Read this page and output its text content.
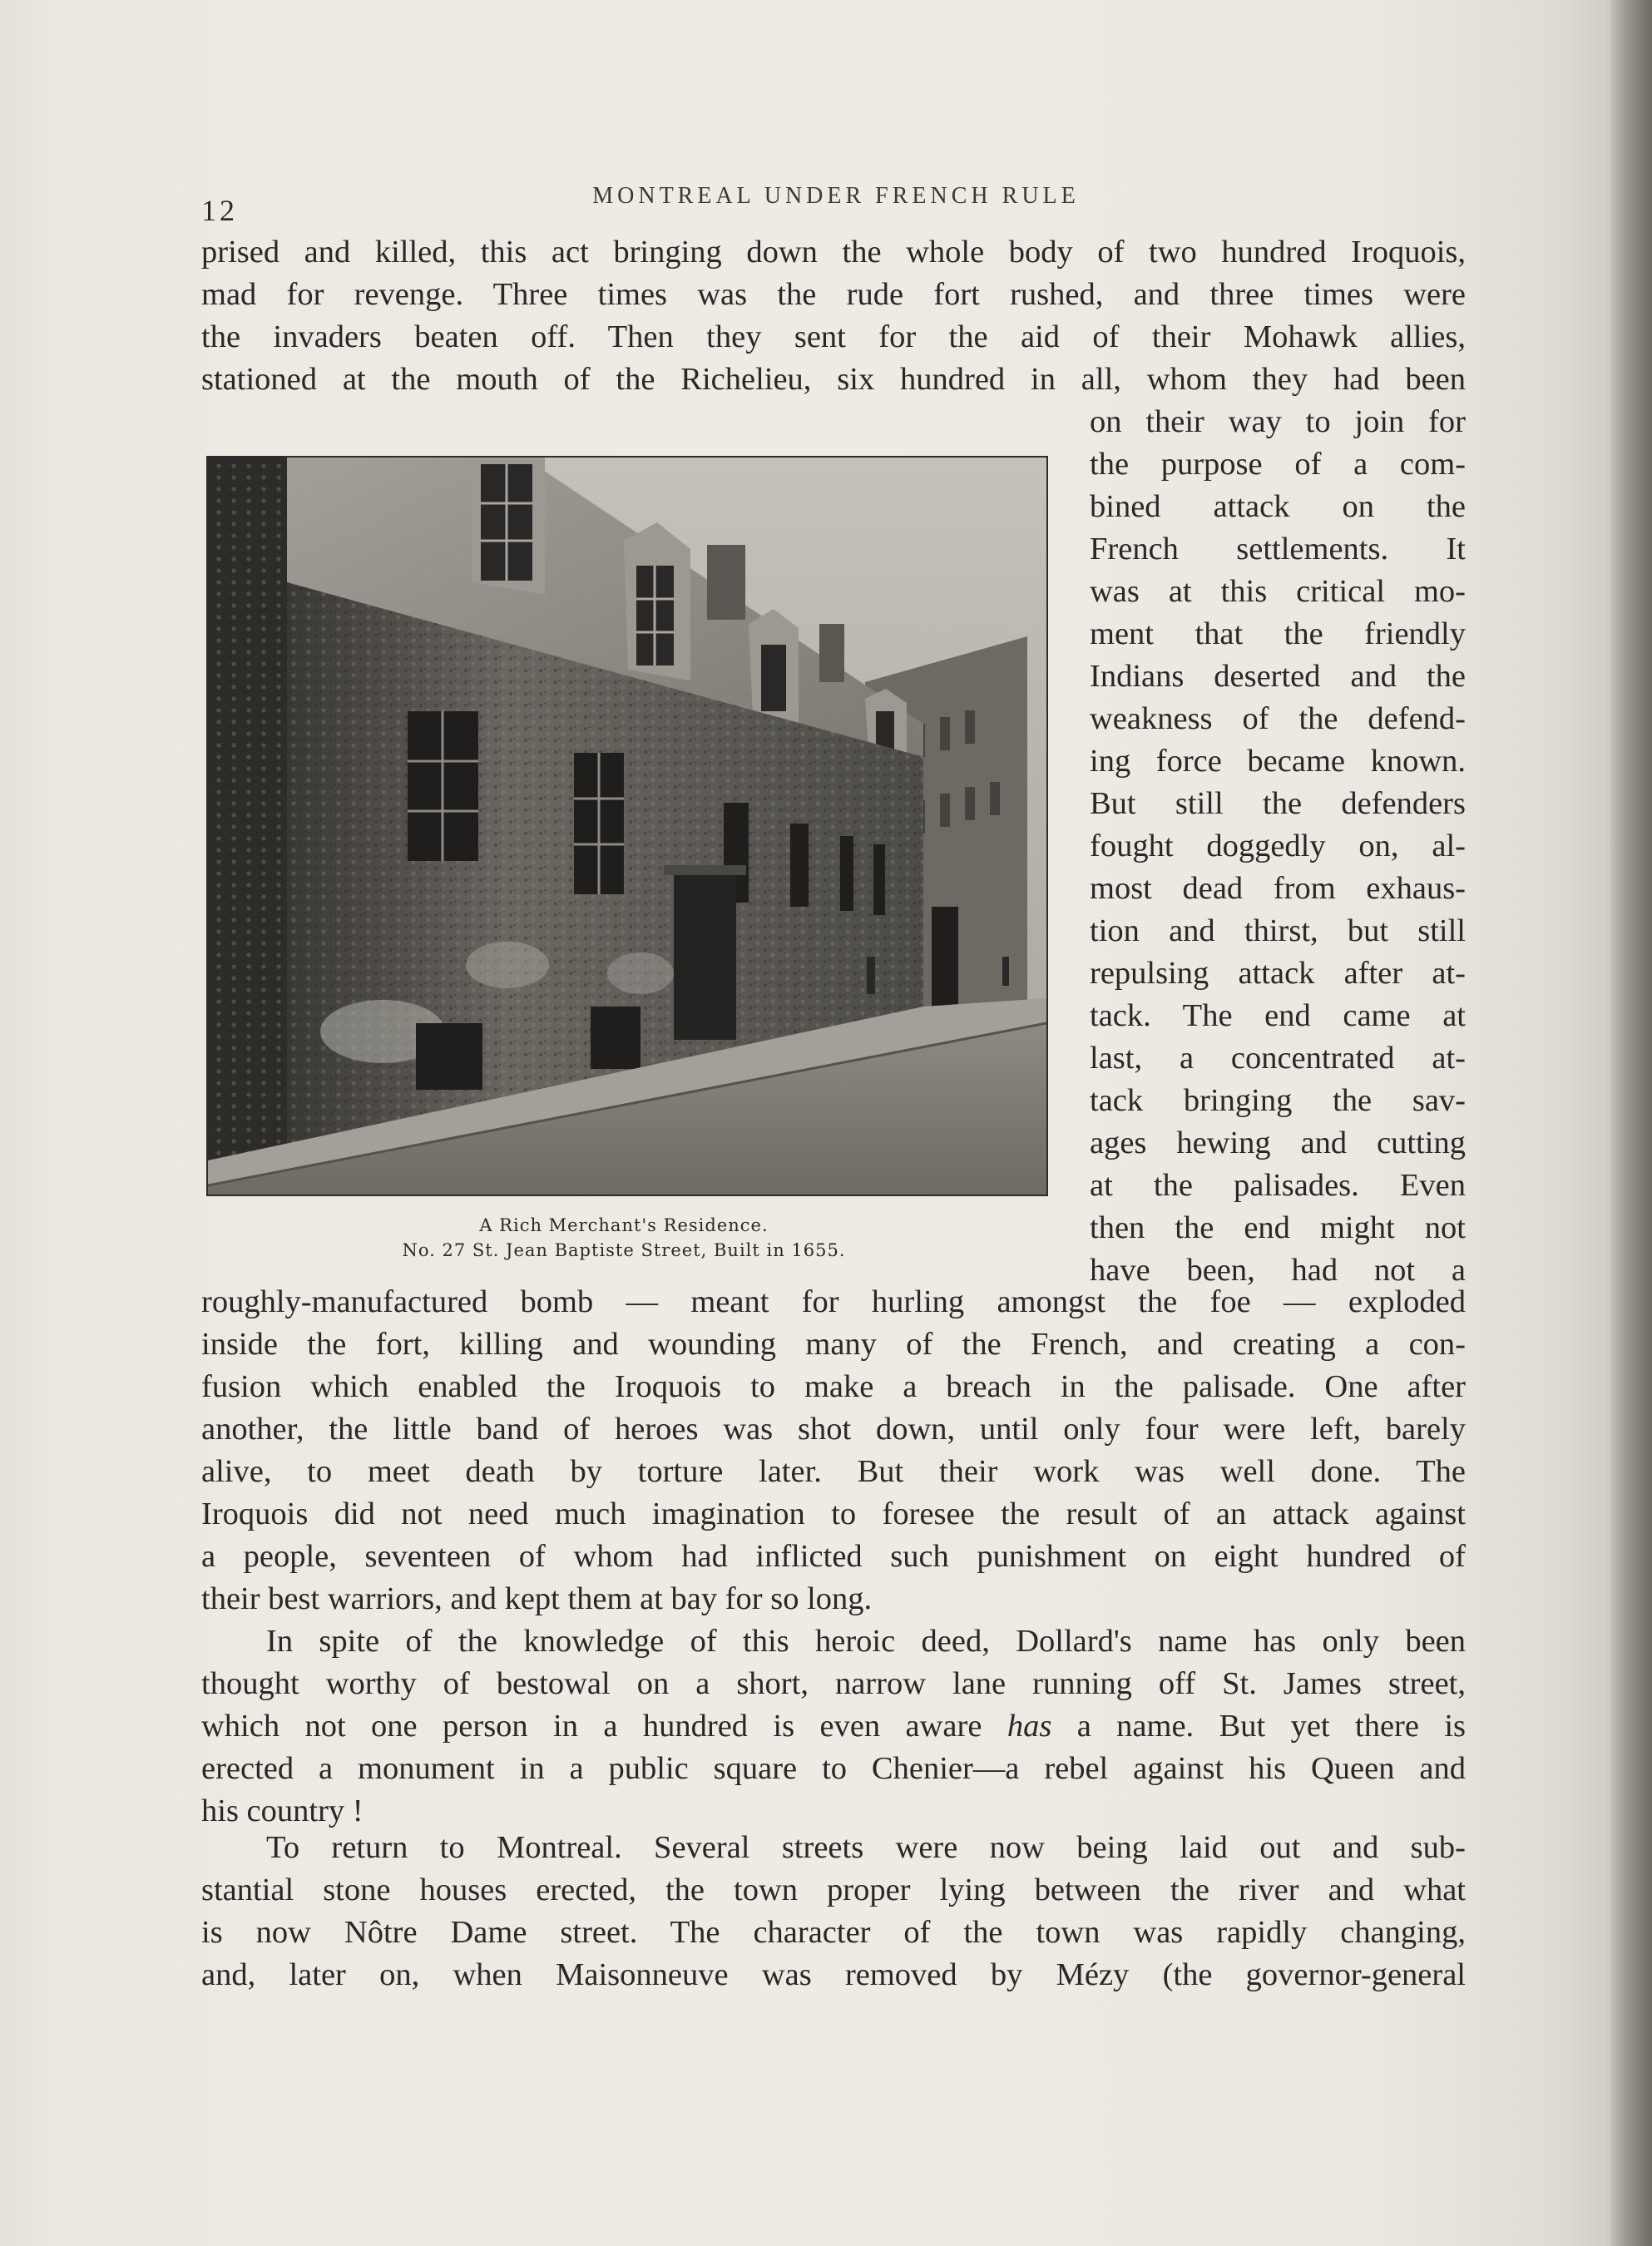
12	MONTREAL UNDER FRENCH RULE

prised and killed, this act bringing down the whole body of two hundred Iroquois,
mad for revenge. Three times was the rude fort rushed, and three times were
the invaders beaten off. Then they sent for the aid of their Mohawk allies,
stationed at the mouth of the Richelieu, six hundred in all, whom they had been

A Rich Merchant's Residence.
No. 27 St. Jean Baptiste Street, Built in 1655.

on their way to join for
the purpose of a com-
bined attack on the
French settlements. It
was at this critical mo-
ment that the friendly
Indians deserted and the
weakness of the defend-
ing force became known.
But still the defenders
fought doggedly on, al-
most dead from exhaus-
tion and thirst, but still
repulsing attack after at-
tack. The end came at
last, a concentrated at-
tack bringing the sav-
ages hewing and cutting
at the palisades. Even
then the end might not
have been, had not a

roughly-manufactured bomb — meant for hurling amongst the foe — exploded
inside the fort, killing and wounding many of the French, and creating a con-
fusion which enabled the Iroquois to make a breach in the palisade. One after
another, the little band of heroes was shot down, until only four were left, barely
alive, to meet death by torture later. But their work was well done. The
Iroquois did not need much imagination to foresee the result of an attack against
a people, seventeen of whom had inflicted such punishment on eight hundred of
their best warriors, and kept them at bay for so long.

In spite of the knowledge of this heroic deed, Dollard's name has only been
thought worthy of bestowal on a short, narrow lane running off St. James street,
which not one person in a hundred is even aware has a name. But yet there is
erected a monument in a public square to Chenier—a rebel against his Queen and
his country !

To return to Montreal. Several streets were now being laid out and sub-
stantial stone houses erected, the town proper lying between the river and what
is now Nôtre Dame street. The character of the town was rapidly changing,
and, later on, when Maisonneuve was removed by Mézy (the governor-general
